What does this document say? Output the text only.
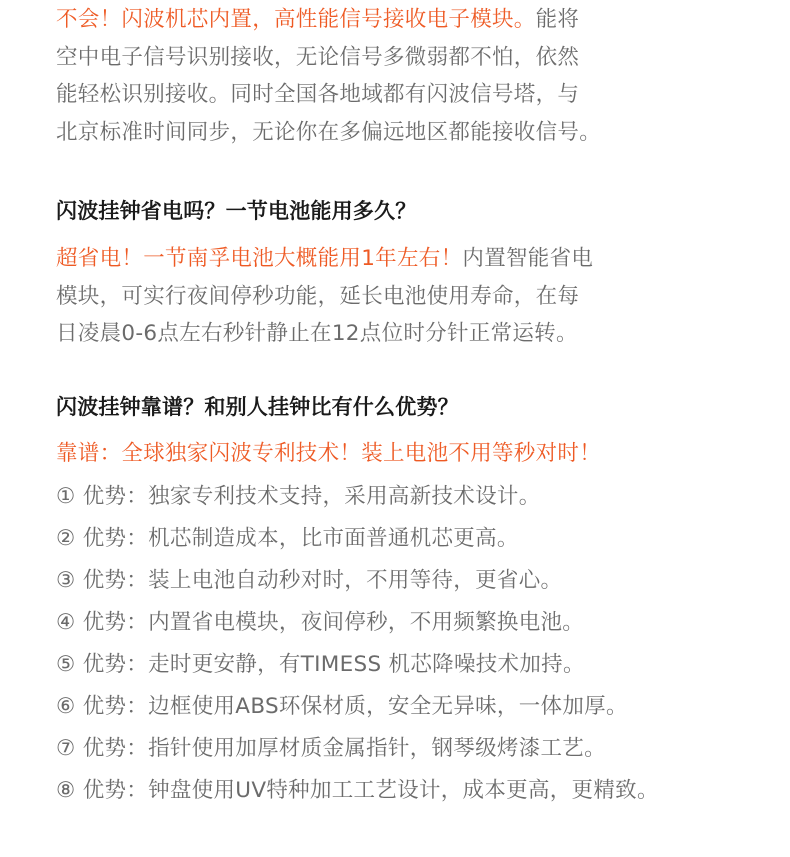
不会！闪波机芯内置，高性能信号接收电子模块。能将
空中电子信号识别接收，无论信号多微弱都不怕，依然
能轻松识别接收。同时全国各地域都有闪波信号塔，与
北京标准时间同步，无论你在多偏远地区都能接收信号。
闪波挂钟省电吗？一节电池能用多久？
超省电！一节南孚电池大概能用1年左右！内置智能省电
模块，可实行夜间停秒功能，延长电池使用寿命，在每
日凌晨0-6点左右秒针静止在12点位时分针正常运转。
闪波挂钟靠谱？和别人挂钟比有什么优势？
靠谱：全球独家闪波专利技术！装上电池不用等秒对时！
① 优势：独家专利技术支持，采用高新技术设计。
② 优势：机芯制造成本，比市面普通机芯更高。
③ 优势：装上电池自动秒对时，不用等待，更省心。
④ 优势：内置省电模块，夜间停秒，不用频繁换电池。
⑤ 优势：走时更安静，有TIMESS 机芯降噪技术加持。
⑥ 优势：边框使用ABS环保材质，安全无异味，一体加厚。
⑦ 优势：指针使用加厚材质金属指针，钢琴级烤漆工艺。
⑧ 优势：钟盘使用UV特种加工工艺设计，成本更高，更精致。
